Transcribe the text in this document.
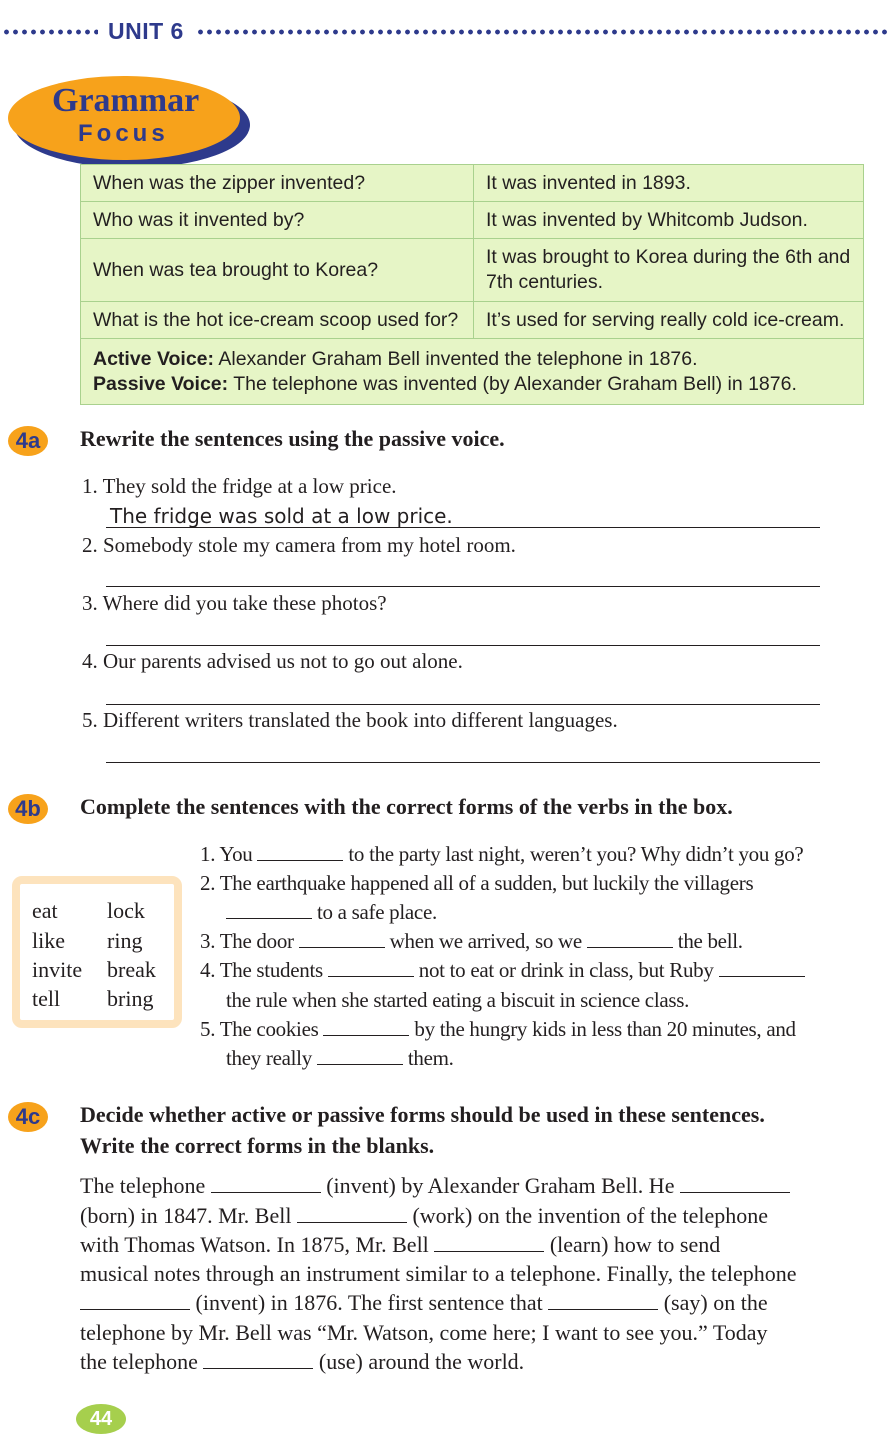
UNIT 6
Grammar
Focus
When was the zipper invented?	It was invented in 1893.
Who was it invented by?	It was invented by Whitcomb Judson.
When was tea brought to Korea?	It was brought to Korea during the 6th and 7th centuries.
What is the hot ice-cream scoop used for?	It’s used for serving really cold ice-cream.

Active Voice: Alexander Graham Bell invented the telephone in 1876.
Passive Voice: The telephone was invented (by Alexander Graham Bell) in 1876.	
4a	Rewrite the sentences using the passive voice.
1. They sold the fridge at a low price.
The fridge was sold at a low price.
2. Somebody stole my camera from my hotel room.
3. Where did you take these photos?
4. Our parents advised us not to go out alone.
5. Different writers translated the book into different languages.
4b	Complete the sentences with the correct forms of the verbs in the box.
eat lock
like ring
invite break
tell bring
1. You	to the party last night, weren’t you? Why didn’t you go?
2. The earthquake happened all of a sudden, but luckily the villagers
to a safe place.
3. The door	when we arrived, so we	the bell.
4. The students	not to eat or drink in class, but Ruby
the rule when she started eating a biscuit in science class.
5. The cookies	by the hungry kids in less than 20 minutes, and
they really	them.
4c	Decide whether active or passive forms should be used in these sentences.
Write the correct forms in the blanks.
The telephone	(invent) by Alexander Graham Bell. He
(born) in 1847. Mr. Bell	(work) on the invention of the telephone
with Thomas Watson. In 1875, Mr. Bell	(learn) how to send
musical notes through an instrument similar to a telephone. Finally, the telephone
(invent) in 1876. The first sentence that	(say) on the
telephone by Mr. Bell was “Mr. Watson, come here; I want to see you.” Today
the telephone	(use) around the world.
44
